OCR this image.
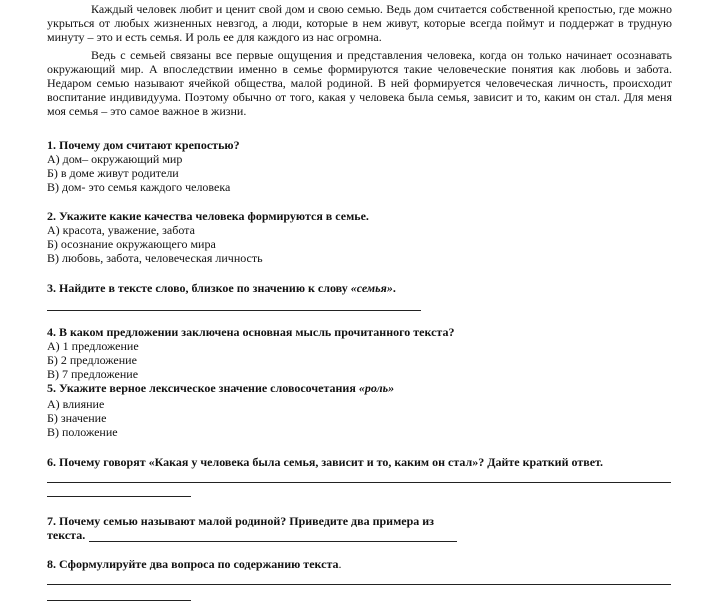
Каждый человек любит и ценит свой дом и свою семью. Ведь дом считается собственной крепостью, где можно укрыться от любых жизненных невзгод, а люди, которые в нем живут, которые всегда поймут и поддержат в трудную минуту – это и есть семья. И роль ее для каждого из нас огромна.

Ведь с семьей связаны все первые ощущения и представления человека, когда он только начинает осознавать окружающий мир. А впоследствии именно в семье формируются такие человеческие понятия как любовь и забота. Недаром семью называют ячейкой общества, малой родиной. В ней формируется человеческая личность, происходит воспитание индивидуума. Поэтому обычно от того, какая у человека была семья, зависит и то, каким он стал. Для меня моя семья – это самое важное в жизни.

1. Почему дом считают крепостью?
А) дом– окружающий мир
Б) в доме живут родители
В) дом- это семья каждого человека
2. Укажите какие качества человека формируются в семье.
А) красота, уважение, забота
Б) осознание окружающего мира
В) любовь, забота, человеческая личность
3. Найдите в тексте слово, близкое по значению к слову «семья».
4. В каком предложении заключена основная мысль прочитанного текста?
А) 1 предложение
Б) 2 предложение
В) 7 предложение
5. Укажите верное лексическое значение словосочетания «роль»
А) влияние
Б) значение
В) положение
6. Почему говорят «Какая у человека была семья, зависит и то, каким он стал»? Дайте краткий ответ.
7. Почему семью называют малой родиной? Приведите два примера из
текста.
8. Сформулируйте два вопроса по содержанию текста.
